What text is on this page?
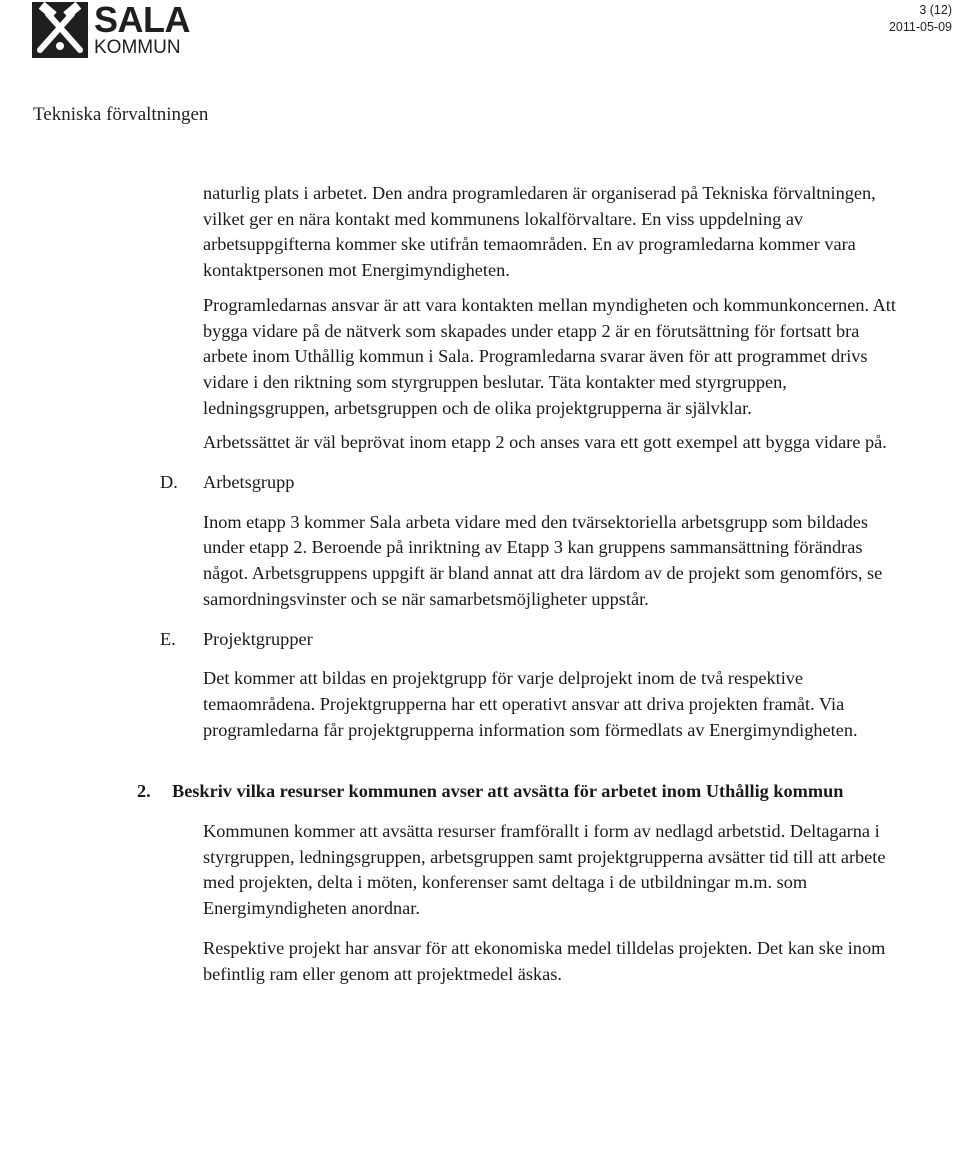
SALA
KOMMUN
3 (12)
2011-05-09
Tekniska förvaltningen

naturlig plats i arbetet. Den andra programledaren är organiserad på Tekniska förvaltningen, vilket ger en nära kontakt med kommunens lokalförvaltare. En viss uppdelning av arbetsuppgifterna kommer ske utifrån temaområden. En av programledarna kommer vara kontaktpersonen mot Energimyndigheten.

Programledarnas ansvar är att vara kontakten mellan myndigheten och kommunkoncernen. Att bygga vidare på de nätverk som skapades under etapp 2 är en förutsättning för fortsatt bra arbete inom Uthållig kommun i Sala. Programledarna svarar även för att programmet drivs vidare i den riktning som styrgruppen beslutar. Täta kontakter med styrgruppen, ledningsgruppen, arbetsgruppen och de olika projektgrupperna är självklar.

Arbetssättet är väl beprövat inom etapp 2 och anses vara ett gott exempel att bygga vidare på.

D. Arbetsgrupp

Inom etapp 3 kommer Sala arbeta vidare med den tvärsektoriella arbetsgrupp som bildades under etapp 2. Beroende på inriktning av Etapp 3 kan gruppens sammansättning förändras något. Arbetsgruppens uppgift är bland annat att dra lärdom av de projekt som genomförs, se samordningsvinster och se när samarbetsmöjligheter uppstår.

E. Projektgrupper

Det kommer att bildas en projektgrupp för varje delprojekt inom de två respektive temaområdena. Projektgrupperna har ett operativt ansvar att driva projekten framåt. Via programledarna får projektgrupperna information som förmedlats av Energimyndigheten.

2. Beskriv vilka resurser kommunen avser att avsätta för arbetet inom Uthållig kommun

Kommunen kommer att avsätta resurser framförallt i form av nedlagd arbetstid. Deltagarna i styrgruppen, ledningsgruppen, arbetsgruppen samt projektgrupperna avsätter tid till att arbete med projekten, delta i möten, konferenser samt deltaga i de utbildningar m.m. som Energimyndigheten anordnar.

Respektive projekt har ansvar för att ekonomiska medel tilldelas projekten. Det kan ske inom befintlig ram eller genom att projektmedel äskas.
